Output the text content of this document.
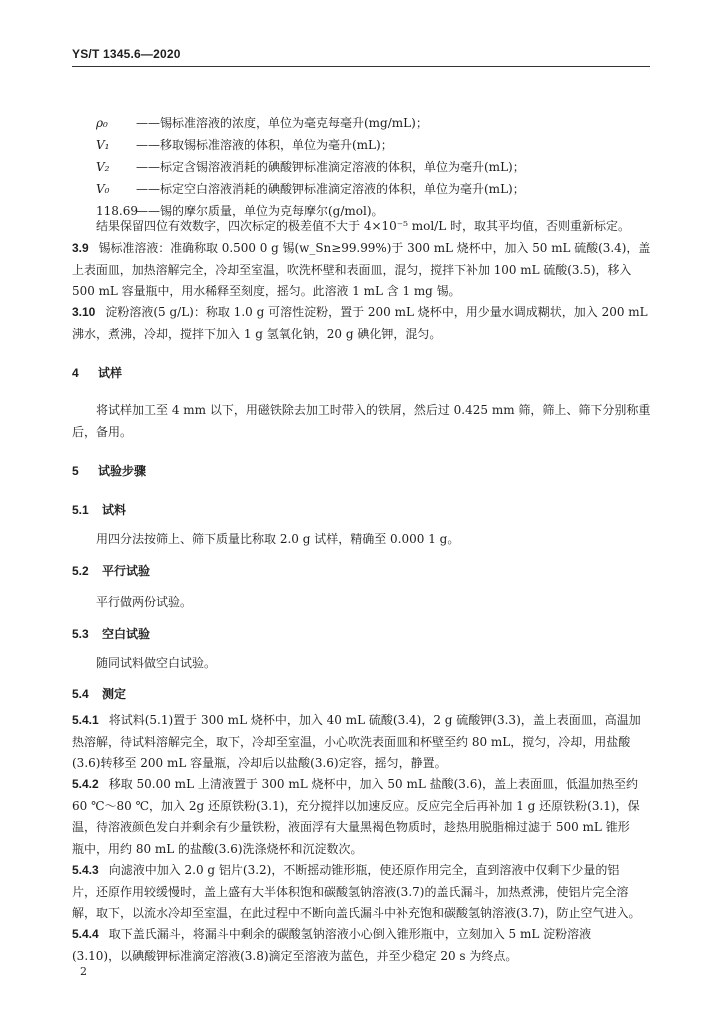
YS/T 1345.6—2020
ρ₀ ——锡标准溶液的浓度，单位为毫克每毫升(mg/mL)；
V₁ ——移取锡标准溶液的体积，单位为毫升(mL)；
V₂ ——标定含锡溶液消耗的碘酸钾标准滴定溶液的体积，单位为毫升(mL)；
V₀ ——标定空白溶液消耗的碘酸钾标准滴定溶液的体积，单位为毫升(mL)；
118.69——锡的摩尔质量，单位为克每摩尔(g/mol)。
结果保留四位有效数字，四次标定的极差值不大于 4×10⁻⁵ mol/L 时，取其平均值，否则重新标定。
3.9 锡标准溶液：准确称取 0.500 0 g 锡(w_Sn≥99.99%)于 300 mL 烧杯中，加入 50 mL 硫酸(3.4)，盖
上表面皿，加热溶解完全，冷却至室温，吹洗杯壁和表面皿，混匀，搅拌下补加 100 mL 硫酸(3.5)，移入
500 mL 容量瓶中，用水稀释至刻度，摇匀。此溶液 1 mL 含 1 mg 锡。
3.10 淀粉溶液(5 g/L)：称取 1.0 g 可溶性淀粉，置于 200 mL 烧杯中，用少量水调成糊状，加入 200 mL
沸水，煮沸，冷却，搅拌下加入 1 g 氢氧化钠，20 g 碘化钾，混匀。
4 试样
将试样加工至 4 mm 以下，用磁铁除去加工时带入的铁屑，然后过 0.425 mm 筛，筛上、筛下分别称重
后，备用。
5 试验步骤
5.1 试料
用四分法按筛上、筛下质量比称取 2.0 g 试样，精确至 0.000 1 g。
5.2 平行试验
平行做两份试验。
5.3 空白试验
随同试料做空白试验。
5.4 测定
5.4.1 将试料(5.1)置于 300 mL 烧杯中，加入 40 mL 硫酸(3.4)，2 g 硫酸钾(3.3)，盖上表面皿，高温加
热溶解，待试料溶解完全，取下，冷却至室温，小心吹洗表面皿和杯壁至约 80 mL，搅匀，冷却，用盐酸
(3.6)转移至 200 mL 容量瓶，冷却后以盐酸(3.6)定容，摇匀，静置。
5.4.2 移取 50.00 mL 上清液置于 300 mL 烧杯中，加入 50 mL 盐酸(3.6)，盖上表面皿，低温加热至约
60 ℃～80 ℃，加入 2g 还原铁粉(3.1)，充分搅拌以加速反应。反应完全后再补加 1 g 还原铁粉(3.1)，保
温，待溶液颜色发白并剩余有少量铁粉，液面浮有大量黑褐色物质时，趁热用脱脂棉过滤于 500 mL 锥形
瓶中，用约 80 mL 的盐酸(3.6)洗涤烧杯和沉淀数次。
5.4.3 向滤液中加入 2.0 g 铝片(3.2)，不断摇动锥形瓶，使还原作用完全，直到溶液中仅剩下少量的铝
片，还原作用较缓慢时，盖上盛有大半体积饱和碳酸氢钠溶液(3.7)的盖氏漏斗，加热煮沸，使铝片完全溶
解，取下，以流水冷却至室温，在此过程中不断向盖氏漏斗中补充饱和碳酸氢钠溶液(3.7)，防止空气进入。
5.4.4 取下盖氏漏斗，将漏斗中剩余的碳酸氢钠溶液小心倒入锥形瓶中，立刻加入 5 mL 淀粉溶液
(3.10)，以碘酸钾标准滴定溶液(3.8)滴定至溶液为蓝色，并至少稳定 20 s 为终点。
2
